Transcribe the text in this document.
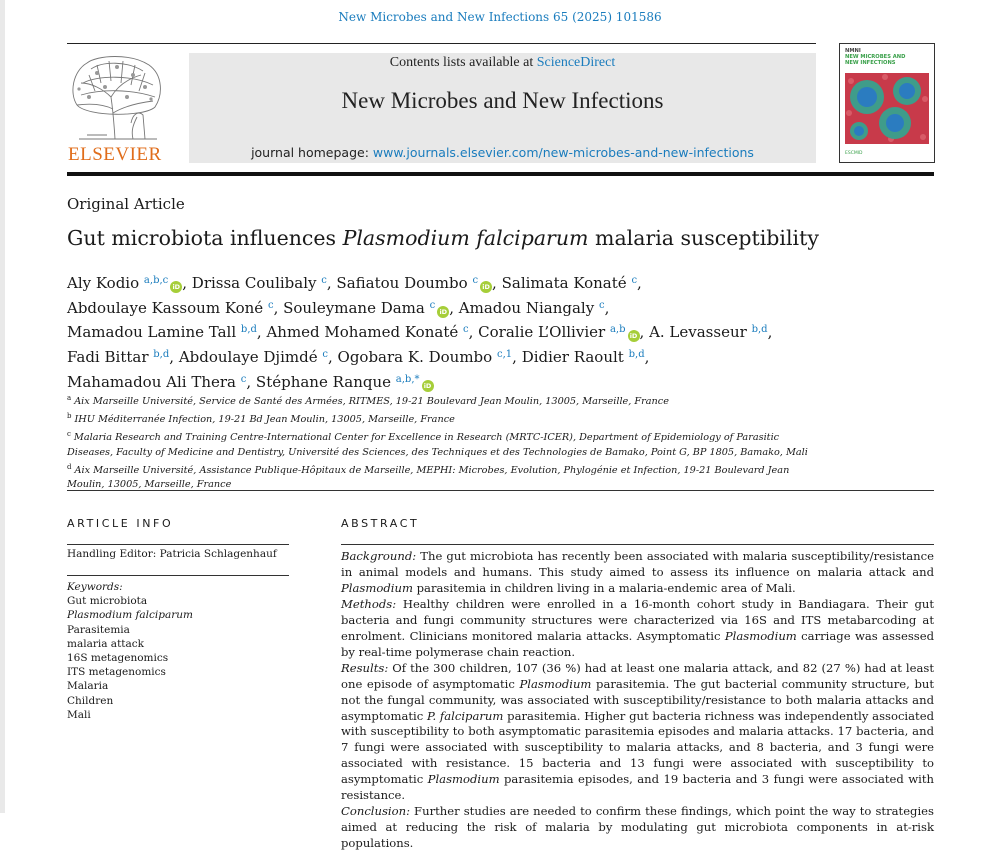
New Microbes and New Infections 65 (2025) 101586
ELSEVIER
Contents lists available at ScienceDirect
New Microbes and New Infections
journal homepage: www.journals.elsevier.com/new-microbes-and-new-infections
NMNI
NEW MICROBES AND
NEW INFECTIONS
ESCMID
Original Article
Gut microbiota influences Plasmodium falciparum malaria susceptibility
Aly Kodio $^{a,b,c}$iD , Drissa Coulibaly $^c$, Safiatou Doumbo $^c$iD , Salimata Konaté $^c$,
Abdoulaye Kassoum Koné $^c$, Souleymane Dama $^c$iD , Amadou Niangaly $^c$,
Mamadou Lamine Tall $^{b,d}$, Ahmed Mohamed Konaté $^c$, Coralie L’Ollivier $^{a,b}$iD , A. Levasseur $^{b,d}$,
Fadi Bittar $^{b,d}$, Abdoulaye Djimdé $^c$, Ogobara K. Doumbo $^{c,1}$, Didier Raoult $^{b,d}$,
Mahamadou Ali Thera $^c$, Stéphane Ranque $^{a,b,*}$iD
$^a$ Aix Marseille Université, Service de Santé des Armées, RITMES, 19-21 Boulevard Jean Moulin, 13005, Marseille, France
$^b$ IHU Méditerranée Infection, 19-21 Bd Jean Moulin, 13005, Marseille, France
$^c$ Malaria Research and Training Centre-International Center for Excellence in Research (MRTC-ICER), Department of Epidemiology of Parasitic Diseases, Faculty of Medicine and Dentistry, Université des Sciences, des Techniques et des Technologies de Bamako, Point G, BP 1805, Bamako, Mali
$^d$ Aix Marseille Université, Assistance Publique-Hôpitaux de Marseille, MEPHI: Microbes, Evolution, Phylogénie et Infection, 19-21 Boulevard Jean Moulin, 13005, Marseille, France
ARTICLE INFO	ABSTRACT
Handling Editor: Patricia Schlagenhauf
Keywords:
Gut microbiota
Plasmodium falciparum
Parasitemia
malaria attack
16S metagenomics
ITS metagenomics
Malaria
Children
Mali

Background: The gut microbiota has recently been associated with malaria susceptibility/resistance in animal models and humans. This study aimed to assess its influence on malaria attack and Plasmodium parasitemia in children living in a malaria-endemic area of Mali.

Methods: Healthy children were enrolled in a 16-month cohort study in Bandiagara. Their gut bacteria and fungi community structures were characterized via 16S and ITS metabarcoding at enrolment. Clinicians monitored malaria attacks. Asymptomatic Plasmodium carriage was assessed by real-time polymerase chain reaction.

Results: Of the 300 children, 107 (36 %) had at least one malaria attack, and 82 (27 %) had at least one episode of asymptomatic Plasmodium parasitemia. The gut bacterial community structure, but not the fungal community, was associated with susceptibility/resistance to both malaria attacks and asymptomatic P. falciparum parasitemia. Higher gut bacteria richness was independently associated with susceptibility to both asymptomatic parasitemia episodes and malaria attacks. 17 bacteria, and 7 fungi were associated with susceptibility to malaria attacks, and 8 bacteria, and 3 fungi were associated with resistance. 15 bacteria and 13 fungi were associated with susceptibility to asymptomatic Plasmodium parasitemia episodes, and 19 bacteria and 3 fungi were associated with resistance.

Conclusion: Further studies are needed to confirm these findings, which point the way to strategies aimed at reducing the risk of malaria by modulating gut microbiota components in at-risk populations.
